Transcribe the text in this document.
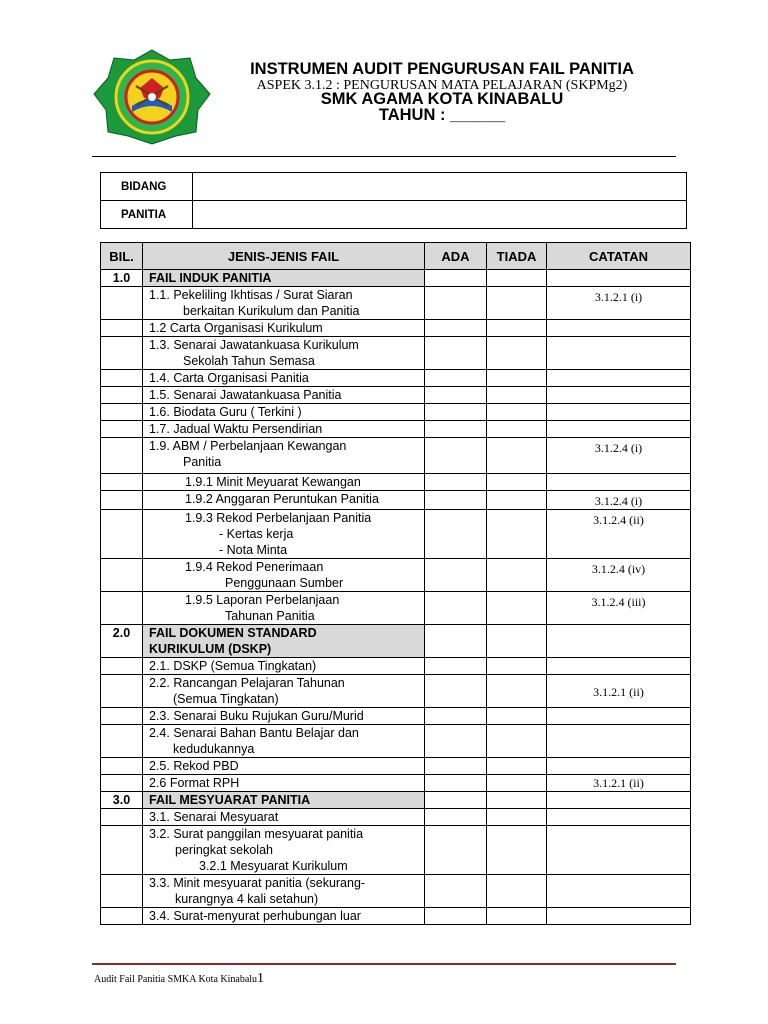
INSTRUMEN AUDIT PENGURUSAN FAIL PANITIA

ASPEK 3.1.2 : PENGURUSAN MATA PELAJARAN (SKPMg2)

SMK AGAMA KOTA KINABALU

TAHUN : ______

BIDANG	
PANITIA	
BIL.	JENIS-JENIS FAIL	ADA	TIADA	CATATAN
1.0	FAIL INDUK PANITIA			

	1.1. Pekeliling Ikhtisas / Surat Siaran
berkaitan Kurikulum dan Panitia			3.1.2.1 (i)
	1.2 Carta Organisasi Kurikulum			

	1.3. Senarai Jawatankuasa Kurikulum
Sekolah Tahun Semasa			

	1.4. Carta Organisasi Panitia			
	1.5. Senarai Jawatankuasa Panitia			
	1.6. Biodata Guru ( Terkini )			
	1.7. Jadual Waktu Persendirian			

	1.9. ABM / Perbelanjaan Kewangan
Panitia			3.1.2.4 (i)

	1.9.1 Minit Meyuarat Kewangan			

	1.9.2 Anggaran Peruntukan Panitia			3.1.2.4 (i)

	1.9.3 Rekod Perbelanjaan Panitia
- Kertas kerja
- Nota Minta			3.1.2.4 (ii)

	1.9.4 Rekod Penerimaan
Penggunaan Sumber			3.1.2.4 (iv)

	1.9.5 Laporan Perbelanjaan
Tahunan Panitia			3.1.2.4 (iii)
2.0	FAIL DOKUMEN STANDARD
KURIKULUM (DSKP)			

	2.1. DSKP (Semua Tingkatan)			

	2.2. Rancangan Pelajaran Tahunan
(Semua Tingkatan)			3.1.2.1 (ii)
	2.3. Senarai Buku Rujukan Guru/Murid			

	2.4. Senarai Bahan Bantu Belajar dan
kedudukannya			

	2.5. Rekod PBD			
	2.6 Format RPH			3.1.2.1 (ii)
3.0	FAIL MESYUARAT PANITIA			
	3.1. Senarai Mesyuarat			

	3.2. Surat panggilan mesyuarat panitia
peringkat sekolah
3.2.1 Mesyuarat Kurikulum			

	3.3. Minit mesyuarat panitia (sekurang-
kurangnya 4 kali setahun)			

	3.4. Surat-menyurat perhubungan luar			
Audit Fail Panitia SMKA Kota Kinabalu1
